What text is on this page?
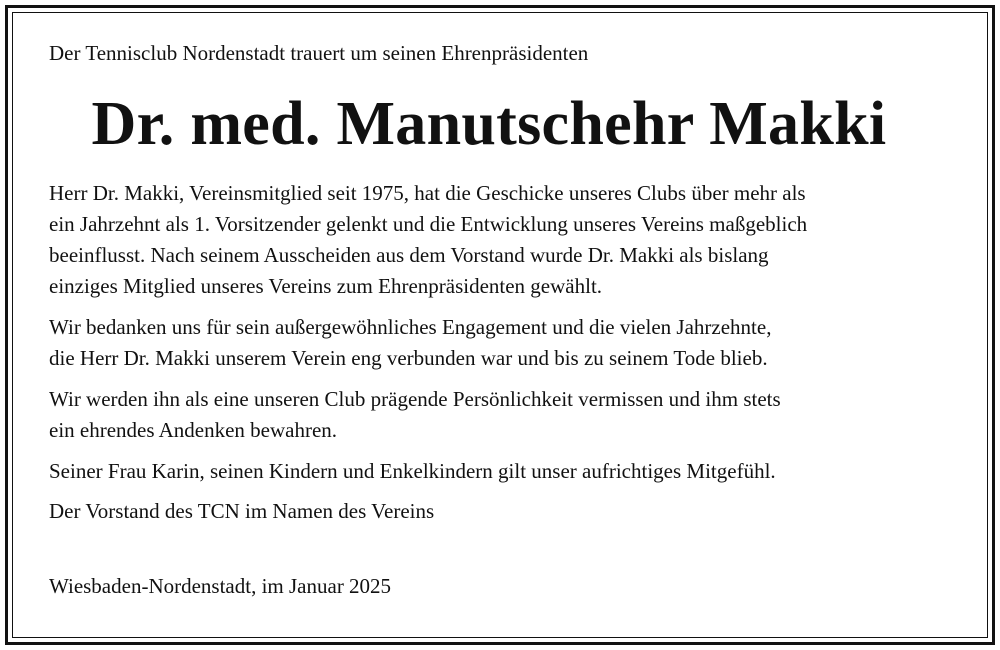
Der Tennisclub Nordenstadt trauert um seinen Ehrenpräsidenten

Dr. med. Manutschehr Makki

Herr Dr. Makki, Vereinsmitglied seit 1975, hat die Geschicke unseres Clubs über mehr als
ein Jahrzehnt als 1. Vorsitzender gelenkt und die Entwicklung unseres Vereins maßgeblich
beeinflusst. Nach seinem Ausscheiden aus dem Vorstand wurde Dr. Makki als bislang
einziges Mitglied unseres Vereins zum Ehrenpräsidenten gewählt.

Wir bedanken uns für sein außergewöhnliches Engagement und die vielen Jahrzehnte,
die Herr Dr. Makki unserem Verein eng verbunden war und bis zu seinem Tode blieb.

Wir werden ihn als eine unseren Club prägende Persönlichkeit vermissen und ihm stets
ein ehrendes Andenken bewahren.

Seiner Frau Karin, seinen Kindern und Enkelkindern gilt unser aufrichtiges Mitgefühl.

Der Vorstand des TCN im Namen des Vereins

Wiesbaden-Nordenstadt, im Januar 2025
